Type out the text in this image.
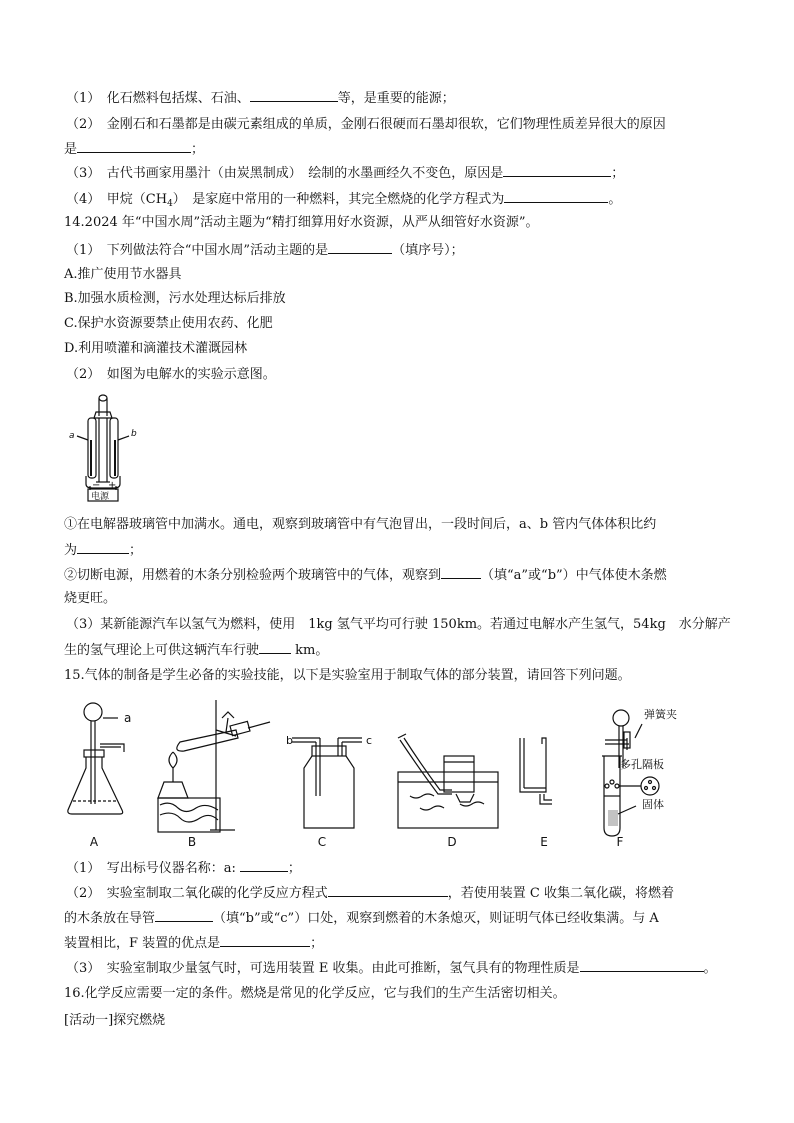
（1）　化石燃料包括煤、石油、	等，是重要的能源；
（2）　金刚石和石墨都是由碳元素组成的单质，金刚石很硬而石墨却很软，它们物理性质差异很大的原因
是	；
（3）　古代书画家用墨汁（由炭黑制成）　绘制的水墨画经久不变色，原因是	；
（4）　甲烷$(CH_4)$　是家庭中常用的一种燃料，其完全燃烧的化学方程式为	。
14.2024 年“中国水周”活动主题为“精打细算用好水资源，从严从细管好水资源”。
（1）　下列做法符合“中国水周”活动主题的是	（填序号）；
A.推广使用节水器具
B.加强水质检测，污水处理达标后排放
C.保护水资源要禁止使用农药、化肥
D.利用喷灌和滴灌技术灌溉园林
（2）　如图为电解水的实验示意图。
a	b
− +
电源
①在电解器玻璃管中加满水。通电，观察到玻璃管中有气泡冒出，一段时间后，a、b 管内气体体积比约
为	；
②切断电源，用燃着的木条分别检验两个玻璃管中的气体，观察到	（填“a”或“b”）中气体使木条燃
烧更旺。
（3）某新能源汽车以氢气为燃料，使用　1kg 氢气平均可行驶 150km。若通过电解水产生氢气，54kg　水分解产
生的氢气理论上可供这辆汽车行驶 km。
15.气体的制备是学生必备的实验技能，以下是实验室用于制取气体的部分装置，请回答下列问题。
a
b	c
弹簧夹
多孔隔板
固体
A	B	C	D	E	F
（1）　写出标号仪器名称：a:	；
（2）　实验室制取二氧化碳的化学反应方程式	，若使用装置 C 收集二氧化碳，将燃着
的木条放在导管	（填“b”或“c”）口处，观察到燃着的木条熄灭，则证明气体已经收集满。与 A
装置相比，F 装置的优点是	；
（3）　实验室制取少量氢气时，可选用装置 E 收集。由此可推断，氢气具有的物理性质是	。
16.化学反应需要一定的条件。燃烧是常见的化学反应，它与我们的生产生活密切相关。
[活动一]探究燃烧
